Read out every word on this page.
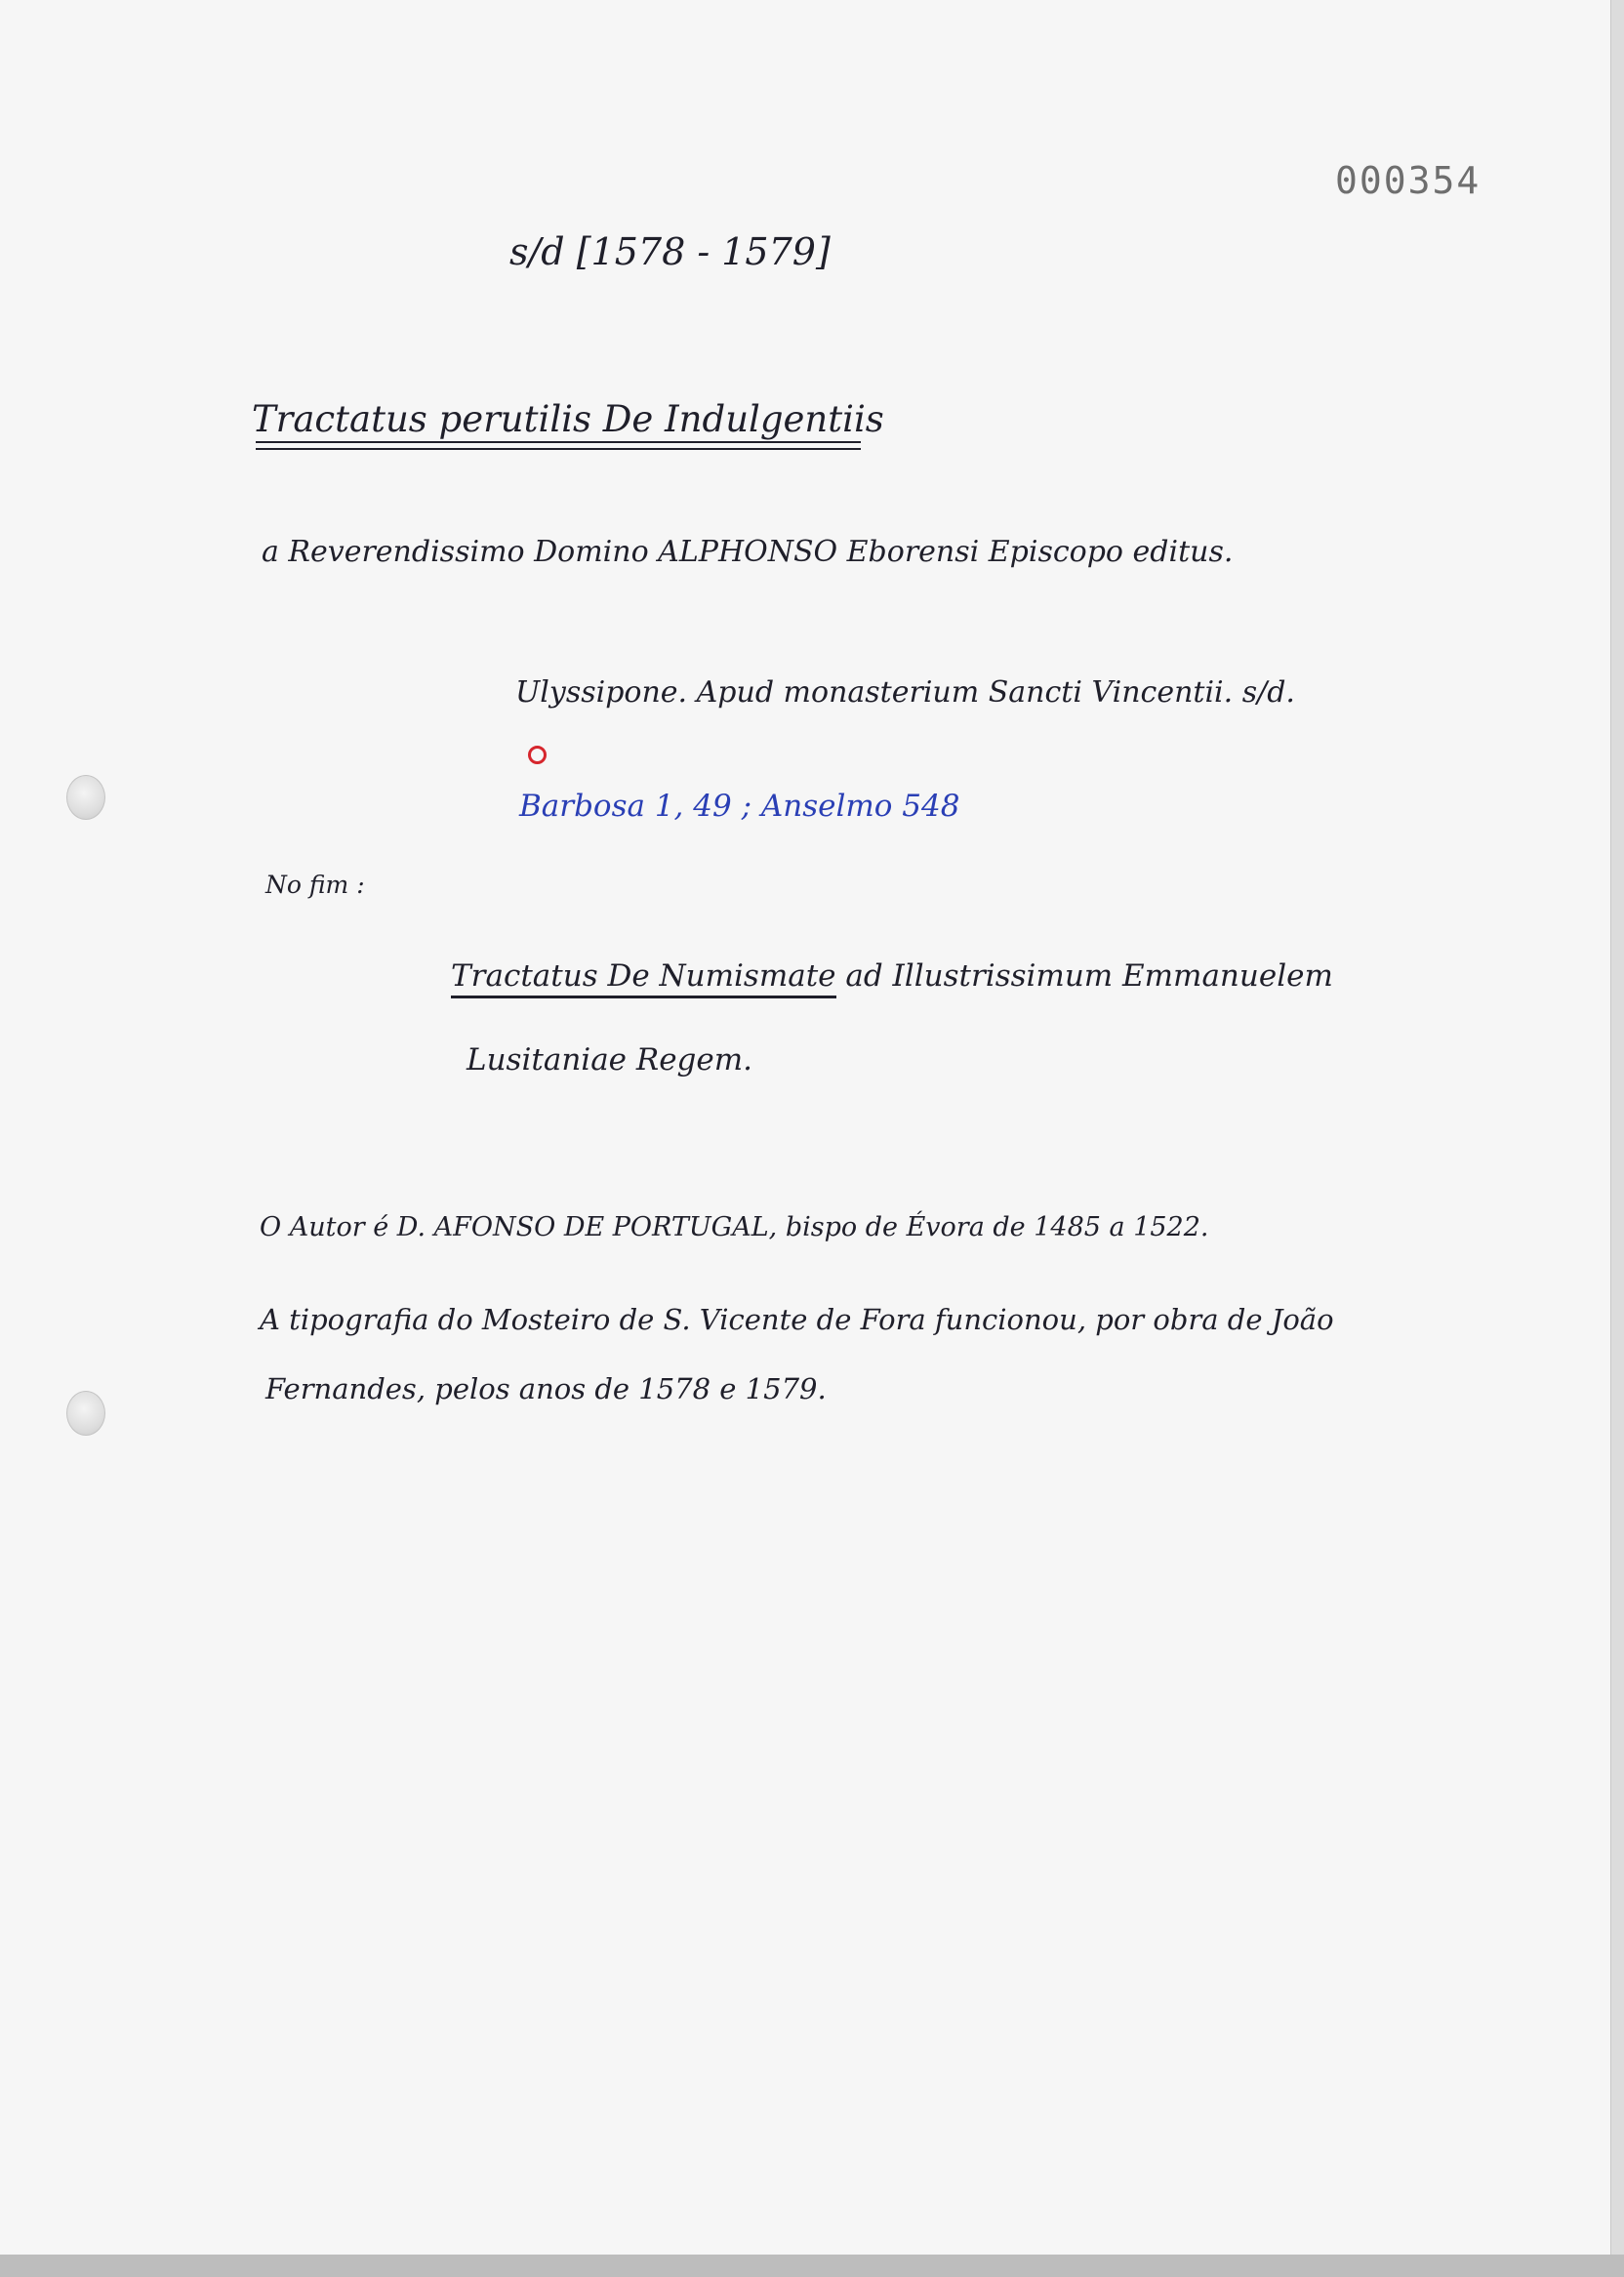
000354
s/d [1578 - 1579]
Tractatus perutilis De Indulgentiis
a Reverendissimo Domino ALPHONSO Eborensi Episcopo editus.
Ulyssipone. Apud monasterium Sancti Vincentii. s/d.
Barbosa 1, 49 ; Anselmo 548
No fim :
Tractatus De Numismate ad Illustrissimum Emmanuelem
Lusitaniae Regem.
O Autor é D. AFONSO DE PORTUGAL, bispo de Évora de 1485 a 1522.
A tipografia do Mosteiro de S. Vicente de Fora funcionou, por obra de João
Fernandes, pelos anos de 1578 e 1579.
